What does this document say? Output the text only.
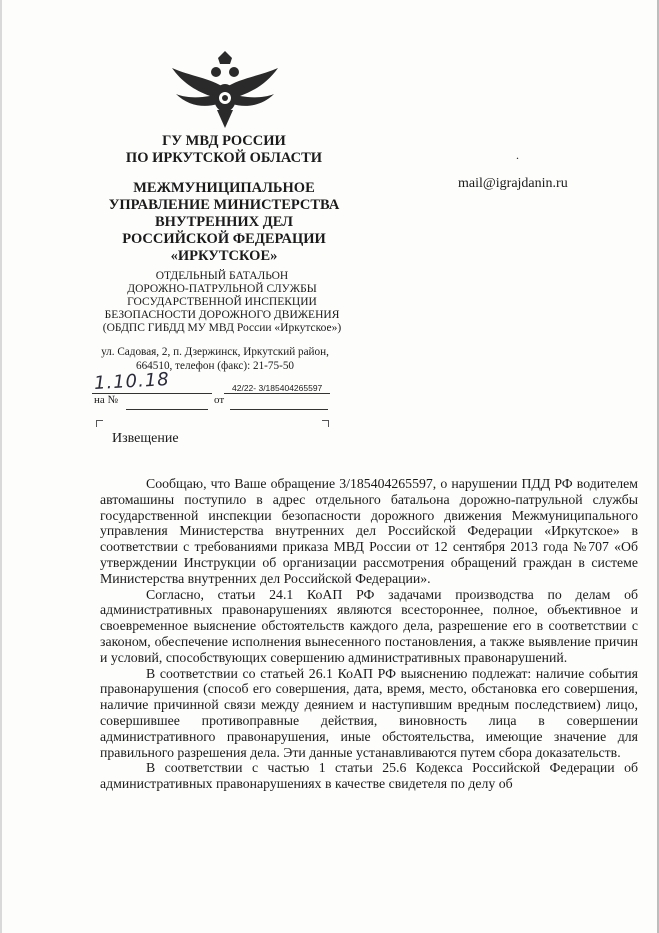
ГУ МВД РОССИИ

ПО ИРКУТСКОЙ ОБЛАСТИ

МЕЖМУНИЦИПАЛЬНОЕ

УПРАВЛЕНИЕ МИНИСТЕРСТВА

ВНУТРЕННИХ ДЕЛ

РОССИЙСКОЙ ФЕДЕРАЦИИ

«ИРКУТСКОЕ»

ОТДЕЛЬНЫЙ БАТАЛЬОН
ДОРОЖНО-ПАТРУЛЬНОЙ СЛУЖБЫ
ГОСУДАРСТВЕННОЙ ИНСПЕКЦИИ
БЕЗОПАСНОСТИ ДОРОЖНОГО ДВИЖЕНИЯ
(ОБДПС ГИБДД МУ МВД России «Иркутское»)
ул. Садовая, 2, п. Дзержинск, Иркутский район,
664510, телефон (факс): 21-75-50
.
mail@igrajdanin.ru
1.10.18	42/22- 3/185404265597
на №	от
Извещение

Сообщаю, что Ваше обращение 3/185404265597, о нарушении ПДД РФ водителем автомашины поступило в адрес отдельного батальона дорожно-патрульной службы государственной инспекции безопасности дорожного движения Межмуниципального управления Министерства внутренних дел Российской Федерации «Иркутское» в соответствии с требованиями приказа МВД России от 12 сентября 2013 года №707 «Об утверждении Инструкции об организации рассмотрения обращений граждан в системе Министерства внутренних дел Российской Федерации».

Согласно, статьи 24.1 КоАП РФ задачами производства по делам об административных правонарушениях являются всестороннее, полное, объективное и своевременное выяснение обстоятельств каждого дела, разрешение его в соответствии с законом, обеспечение исполнения вынесенного постановления, а также выявление причин и условий, способствующих совершению административных правонарушений.

В соответствии со статьей 26.1 КоАП РФ выяснению подлежат: наличие события правонарушения (способ его совершения, дата, время, место, обстановка его совершения, наличие причинной связи между деянием и наступившим вредным последствием) лицо, совершившее противоправные действия, виновность лица в совершении административного правонарушения, иные обстоятельства, имеющие значение для правильного разрешения дела. Эти данные устанавливаются путем сбора доказательств.

В соответствии с частью 1 статьи 25.6 Кодекса Российской Федерации об административных правонарушениях в качестве свидетеля по делу об
